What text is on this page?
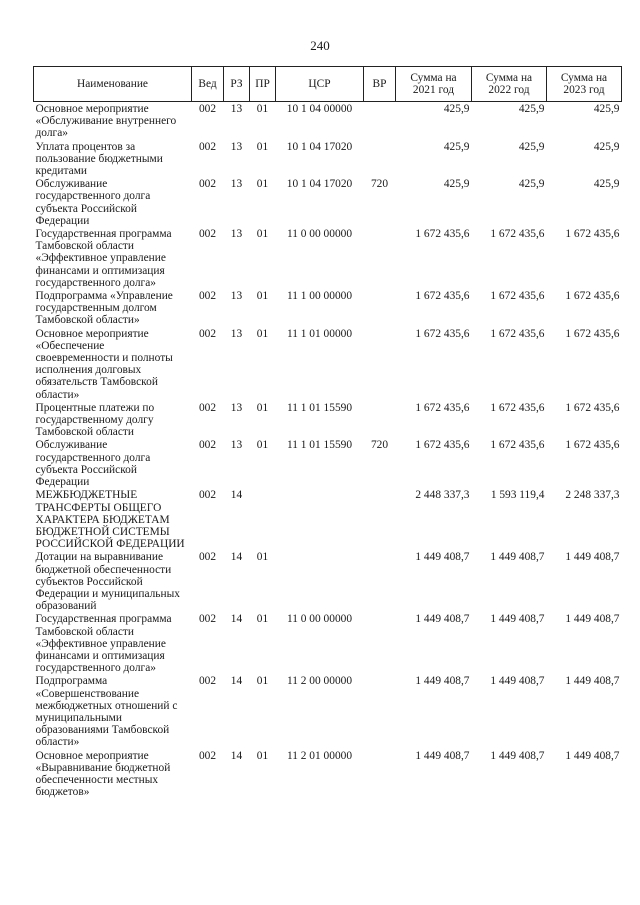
240
Наименование	Вед	РЗ	ПР	ЦСР	ВР	Сумма на 2021 год	Сумма на 2022 год	Сумма на 2023 год
Основное мероприятие «Обслуживание внутреннего долга»	002	13	01	10 1 04 00000		425,9	425,9	425,9
Уплата процентов за пользование бюджетными кредитами	002	13	01	10 1 04 17020		425,9	425,9	425,9
Обслуживание государственного долга субъекта Российской Федерации	002	13	01	10 1 04 17020	720	425,9	425,9	425,9
Государственная программа Тамбовской области «Эффективное управление финансами и оптимизация государственного долга»	002	13	01	11 0 00 00000		1 672 435,6	1 672 435,6	1 672 435,6
Подпрограмма «Управление государственным долгом Тамбовской области»	002	13	01	11 1 00 00000		1 672 435,6	1 672 435,6	1 672 435,6
Основное мероприятие «Обеспечение своевременности и полноты исполнения долговых обязательств Тамбовской области»	002	13	01	11 1 01 00000		1 672 435,6	1 672 435,6	1 672 435,6
Процентные платежи по государственному долгу Тамбовской области	002	13	01	11 1 01 15590		1 672 435,6	1 672 435,6	1 672 435,6
Обслуживание государственного долга субъекта Российской Федерации	002	13	01	11 1 01 15590	720	1 672 435,6	1 672 435,6	1 672 435,6
МЕЖБЮДЖЕТНЫЕ ТРАНСФЕРТЫ ОБЩЕГО ХАРАКТЕРА БЮДЖЕТАМ БЮДЖЕТНОЙ СИСТЕМЫ РОССИЙСКОЙ ФЕДЕРАЦИИ	002	14				2 448 337,3	1 593 119,4	2 248 337,3
Дотации на выравнивание бюджетной обеспеченности субъектов Российской Федерации и муниципальных образований	002	14	01			1 449 408,7	1 449 408,7	1 449 408,7
Государственная программа Тамбовской области «Эффективное управление финансами и оптимизация государственного долга»	002	14	01	11 0 00 00000		1 449 408,7	1 449 408,7	1 449 408,7
Подпрограмма «Совершенствование межбюджетных отношений с муниципальными образованиями Тамбовской области»	002	14	01	11 2 00 00000		1 449 408,7	1 449 408,7	1 449 408,7
Основное мероприятие «Выравнивание бюджетной обеспеченности местных бюджетов»	002	14	01	11 2 01 00000		1 449 408,7	1 449 408,7	1 449 408,7
